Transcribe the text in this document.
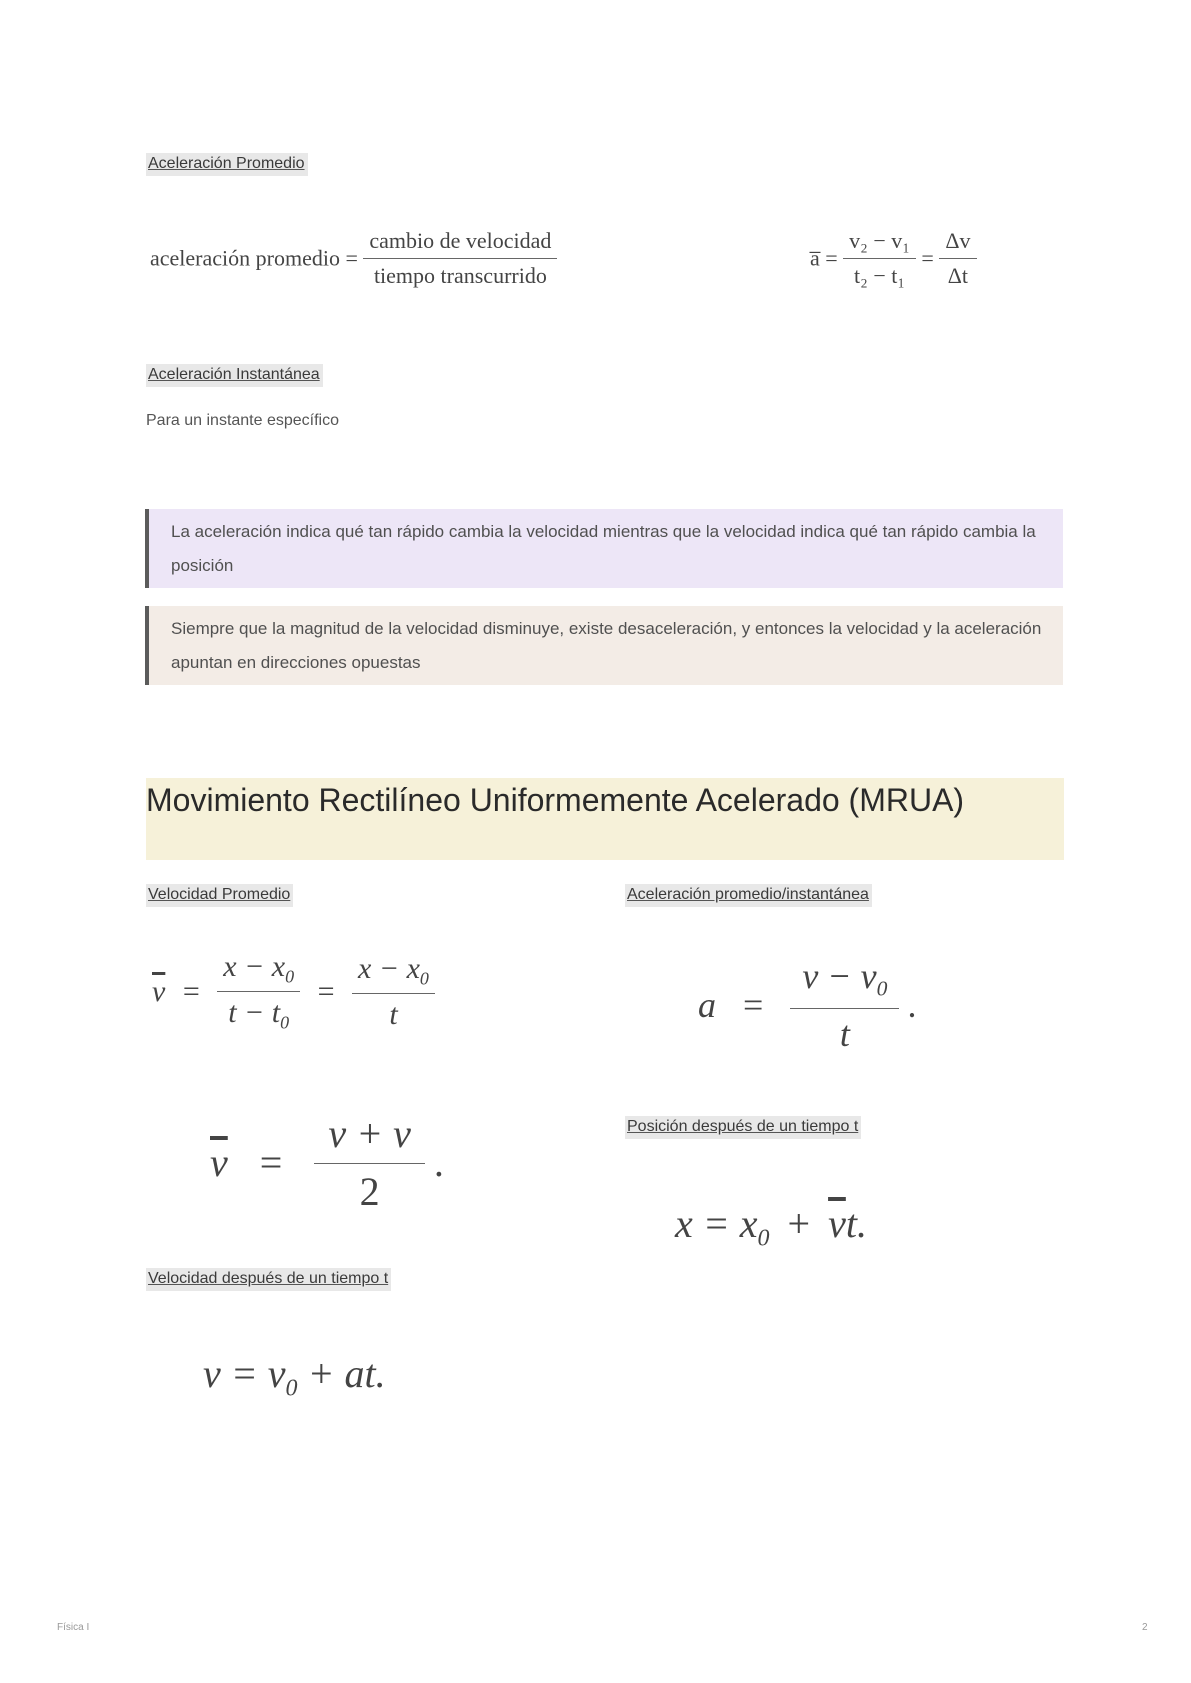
Aceleración Promedio
aceleración promedio = $\frac{\text{cambio de velocidad}}{\text{tiempo transcurrido}}$	a̅ = $\frac{\text{v₂ − v₁}}{\text{t₂ − t₁}} = \frac{\Delta v}{\Delta t}$
Aceleración Instantánea
Para un instante específico
La aceleración indica qué tan rápido cambia la velocidad mientras que la velocidad indica qué tan rápido cambia la posición
Siempre que la magnitud de la velocidad disminuye, existe desaceleración, y entonces la velocidad y la aceleración apuntan en direcciones opuestas
Movimiento Rectilíneo Uniformemente Acelerado (MRUA)
Velocidad Promedio	Aceleración promedio/instantánea
$\overline{v} = \frac{x - x_0}{t - t_0} = \frac{x - x_0}{t}$	$a = \frac{v - v_0}{t}$ .
$\overline{v} = \frac{v + v}{2}$ .
Posición después de un tiempo t
$x = x_0 + \overline{v}t$.
Velocidad después de un tiempo t
$v = v_0$ + at.
Física I	2
